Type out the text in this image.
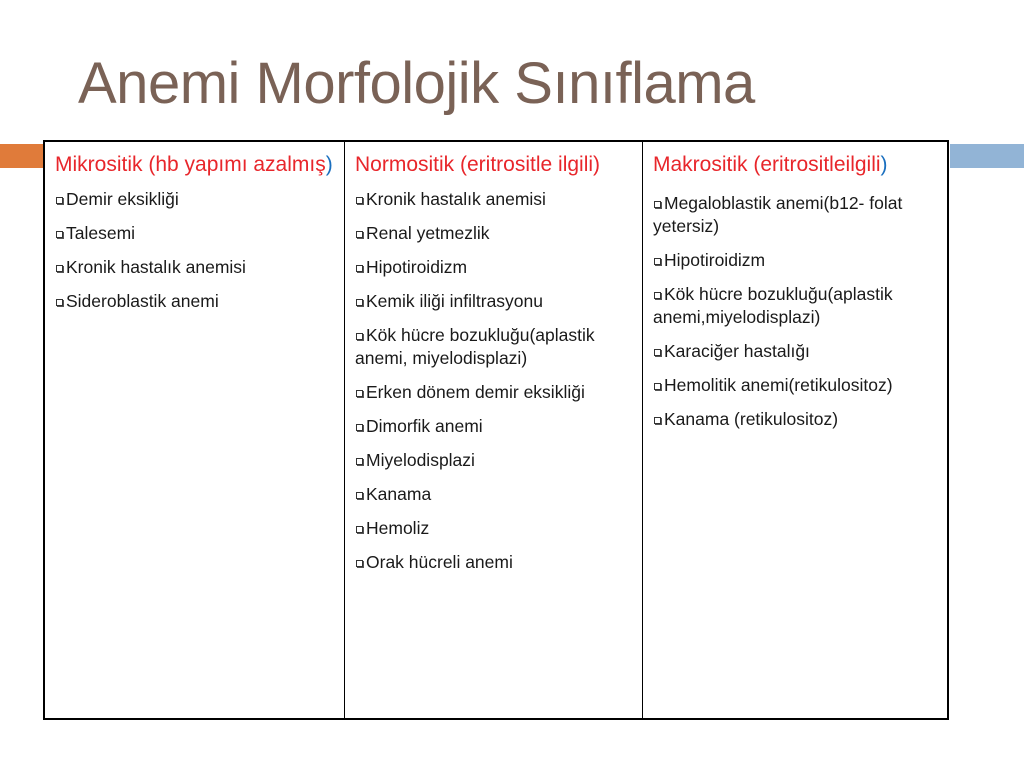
Anemi Morfolojik Sınıflama
Mikrositik (hb yapımı azalmış)
Demir eksikliği
Talesemi
Kronik hastalık anemisi
Sideroblastik anemi
Normositik (eritrositle ilgili)
Kronik hastalık anemisi
Renal yetmezlik
Hipotiroidizm
Kemik iliği infiltrasyonu
Kök hücre bozukluğu(aplastik anemi, miyelodisplazi)
Erken dönem demir eksikliği
Dimorfik anemi
Miyelodisplazi
Kanama
Hemoliz
Orak hücreli anemi
Makrositik (eritrositleilgili)
Megaloblastik anemi(b12- folat yetersiz)
Hipotiroidizm
Kök hücre bozukluğu(aplastik anemi,miyelodisplazi)
Karaciğer hastalığı
Hemolitik anemi(retikulositoz)
Kanama (retikulositoz)
